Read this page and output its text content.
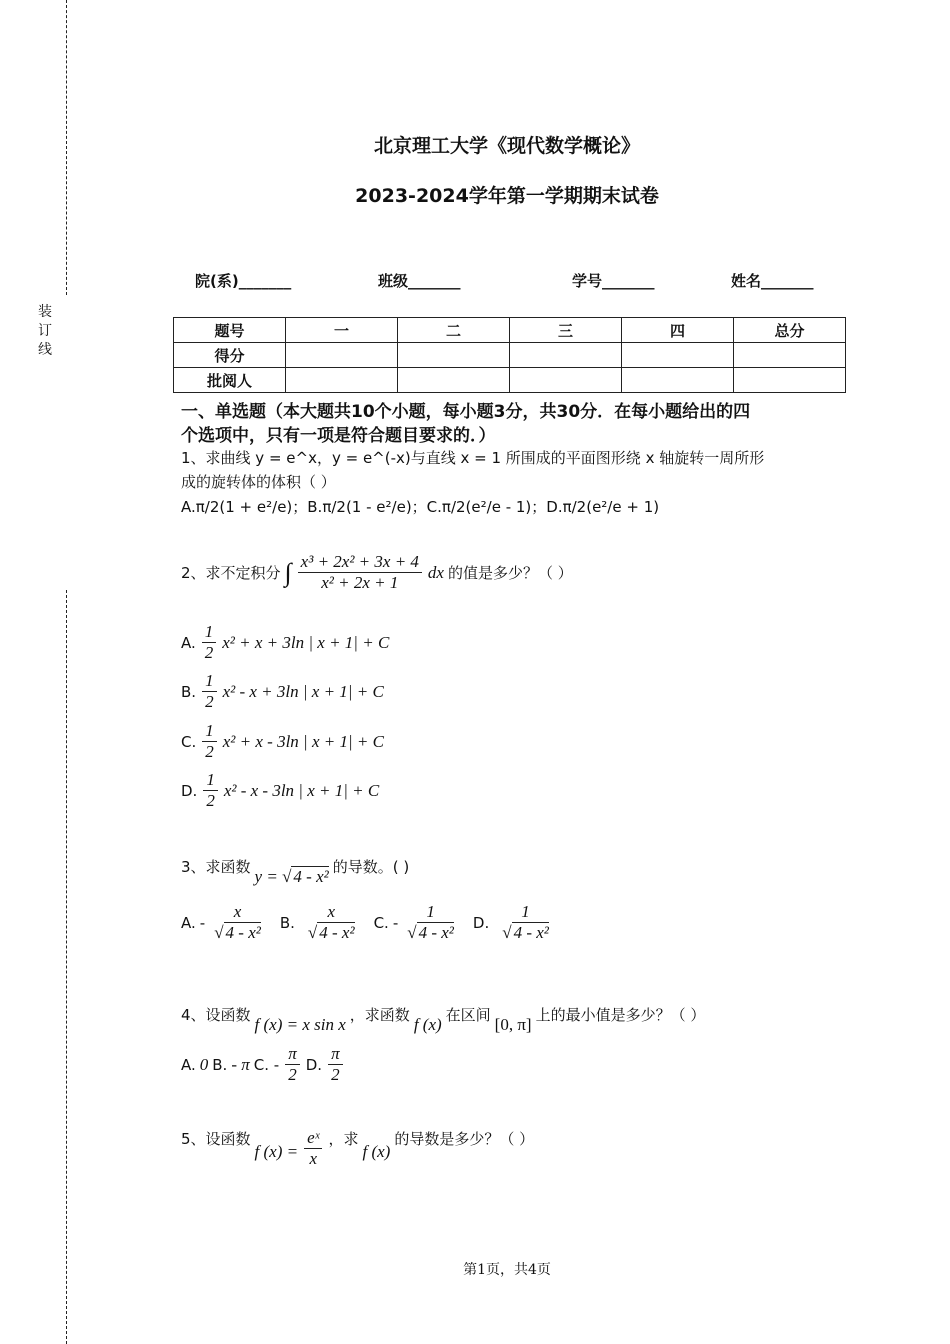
装订线
北京理工大学《现代数学概论》
2023-2024学年第一学期期末试卷
院(系)_______	班级_______	学号_______	姓名_______
题号	一	二	三	四	总分
得分					
批阅人					
一、单选题（本大题共10个小题，每小题3分，共30分．在每小题给出的四
个选项中，只有一项是符合题目要求的．）
1、求曲线 y = e^x，y = e^(-x)与直线 x = 1 所围成的平面图形绕 x 轴旋转一周所形
成的旋转体的体积（ ）
A.π/2(1 + e²/e)；B.π/2(1 - e²/e)；C.π/2(e²/e - 1)；D.π/2(e²/e + 1)
2、求不定积分 ∫ $\frac{\text{x³ + 2x² + 3x + 4}}{\text{x² + 2x + 1}}$ dx 的值是多少？（ ）
A. $\frac{1}{2} x^2 + x + 3\ln$ | x + 1| + C
B. $\frac{1}{2} x^2 - x + 3\ln$ | x + 1| + C
C. $\frac{1}{2} x^2 + x - 3\ln$ | x + 1| + C
D. $\frac{1}{2} x^2$ - x - 3ln | x + 1| + C
3、求函数
y = √ 4 - x²
的导数。( )
A. - $\frac{x}{\text{√ 4 - x²}} B$. $\frac{x}{\text{√ 4 - x²}} C$. - $\frac{1}{\text{√ 4 - x²}} D$. $\frac{1}{\text{√ 4 - x²}}$
4、设函数
f (x) = x sin x
，求函数
f (x)
在区间
[0, π]
上的最小值是多少？（ ）
A. 0 B. - π C. - $\frac{\pi}{2} D$. $\frac{\pi}{2}$
5、设函数
f $(x) = \frac{\text{eˣ}}{x}$ ，求
f (x)
的导数是多少？（ ）
第1页，共4页
